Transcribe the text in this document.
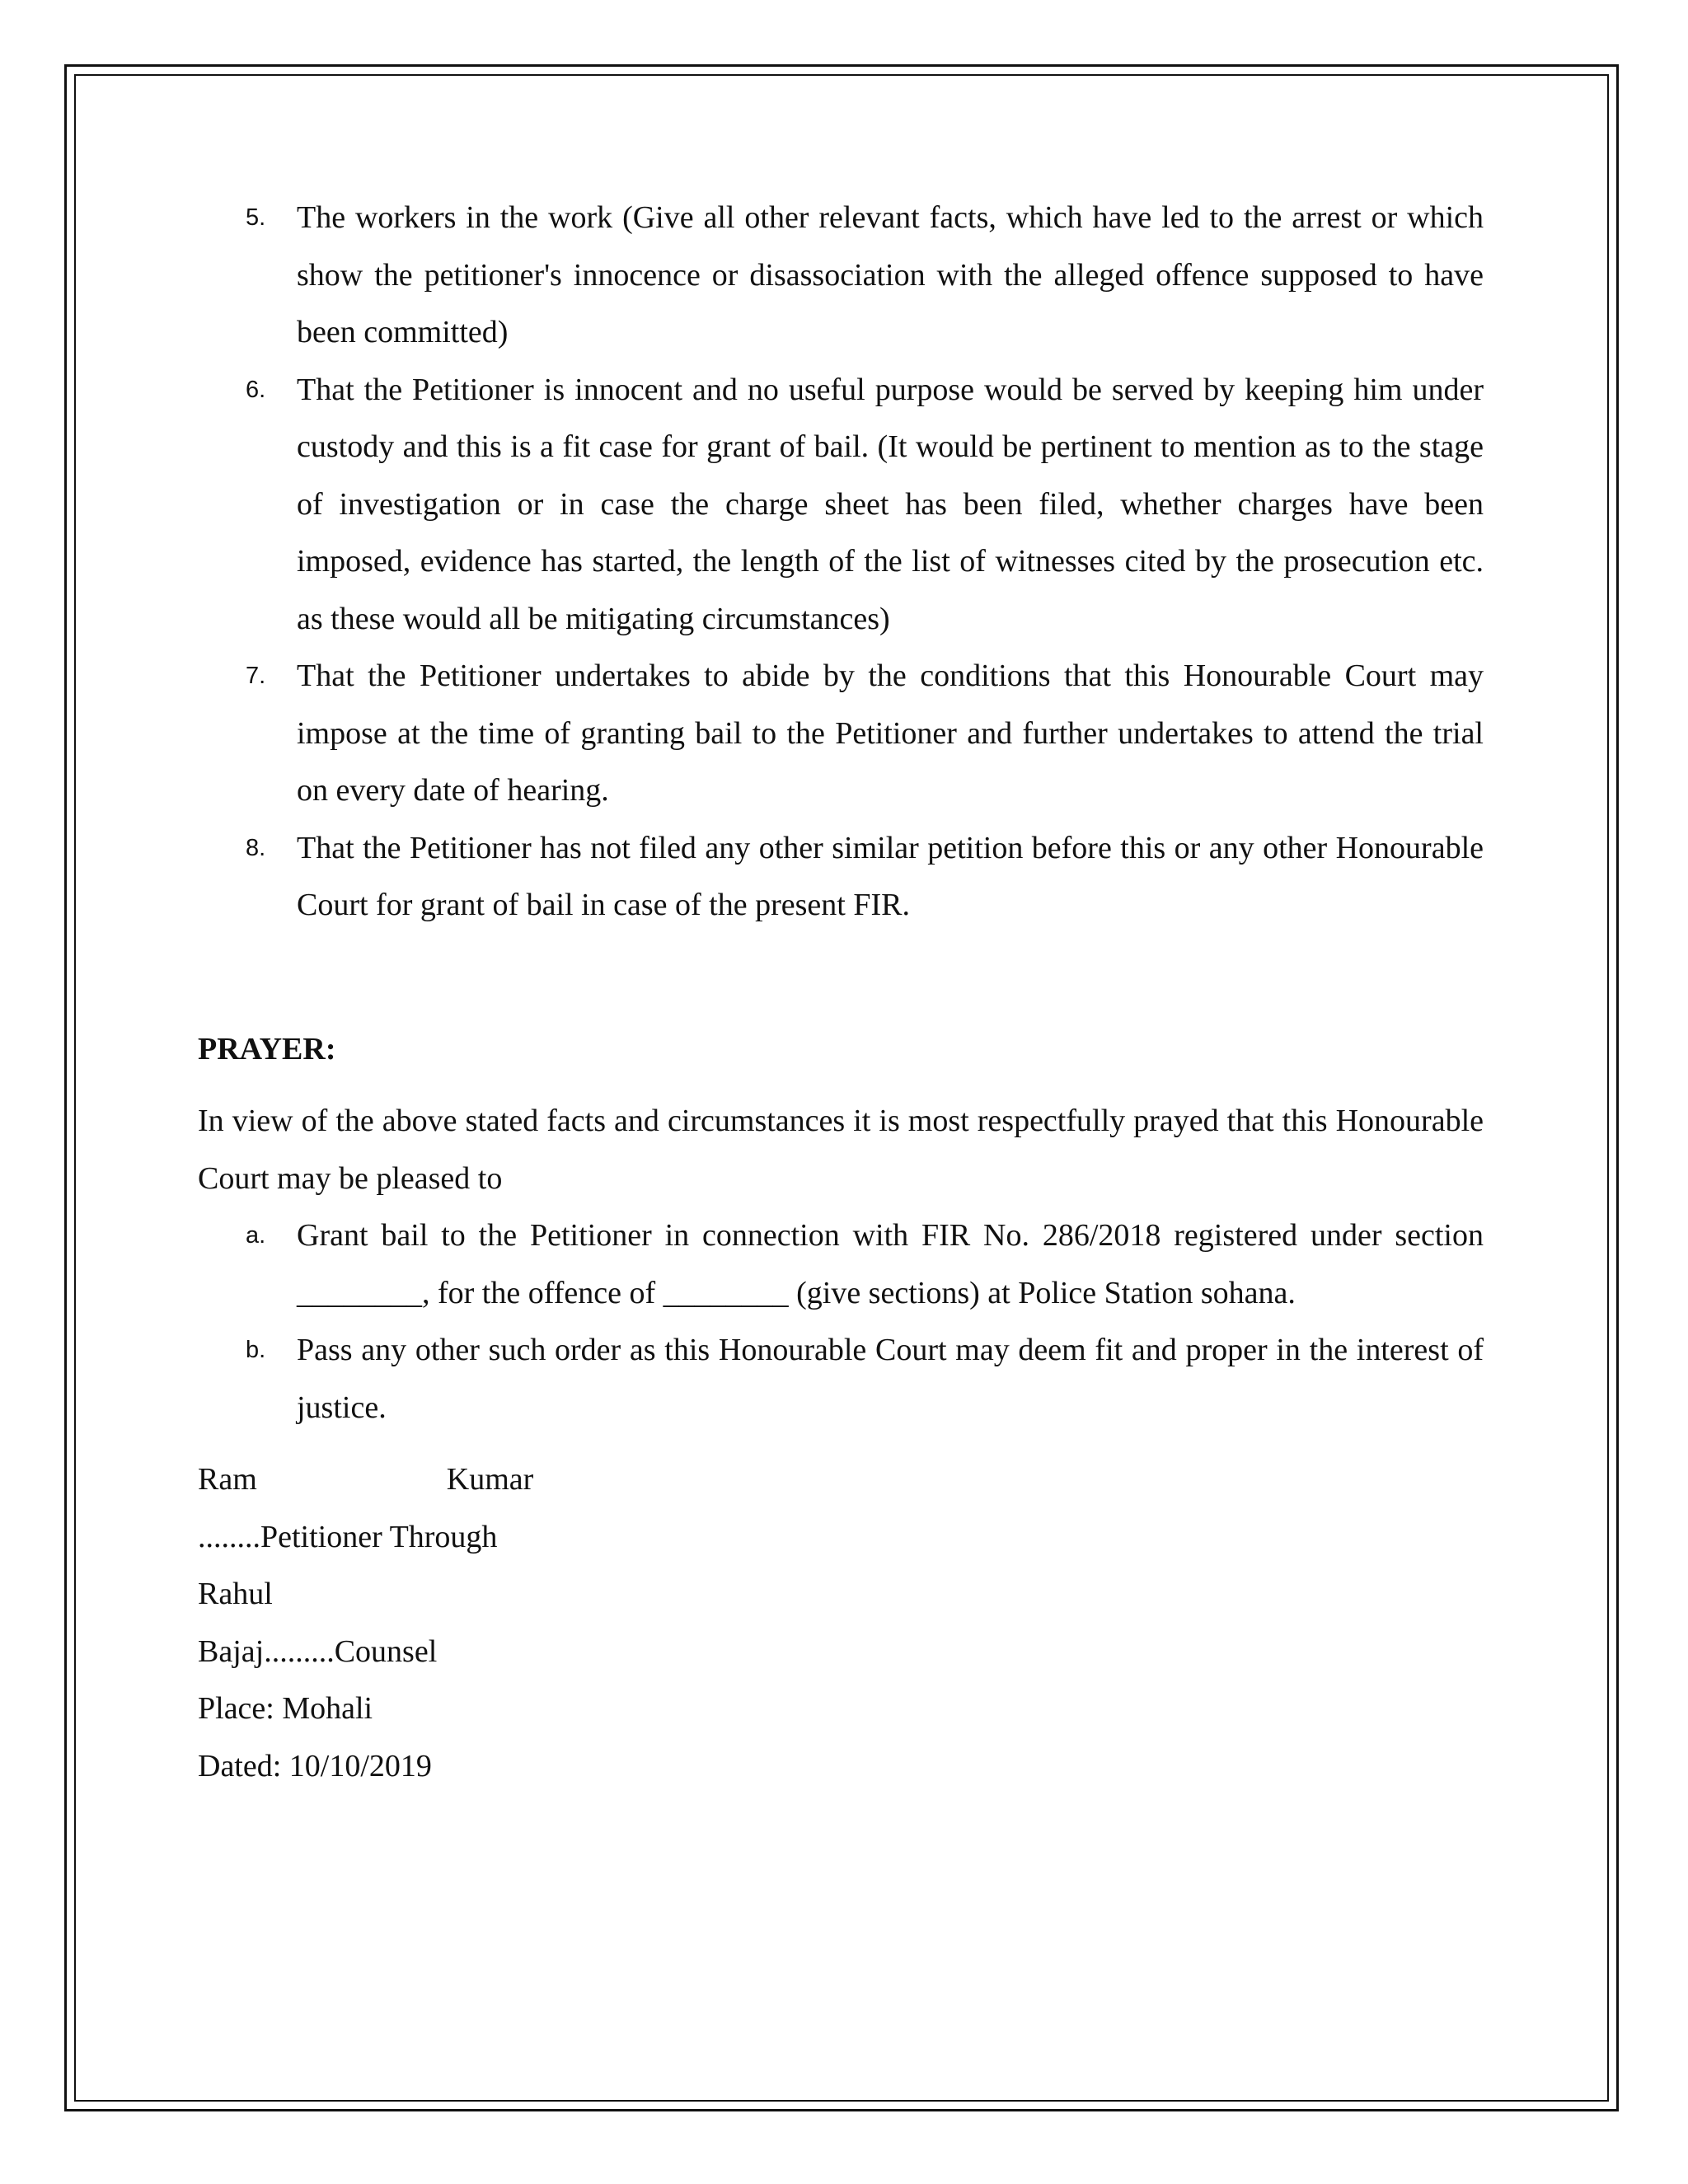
5. The workers in the work (Give all other relevant facts, which have led to the arrest or which show the petitioner's innocence or disassociation with the alleged offence supposed to have been committed)
6. That the Petitioner is innocent and no useful purpose would be served by keeping him under custody and this is a fit case for grant of bail. (It would be pertinent to mention as to the stage of investigation or in case the charge sheet has been filed, whether charges have been imposed, evidence has started, the length of the list of witnesses cited by the prosecution etc. as these would all be mitigating circumstances)
7. That the Petitioner undertakes to abide by the conditions that this Honourable Court may impose at the time of granting bail to the Petitioner and further undertakes to attend the trial on every date of hearing.
8. That the Petitioner has not filed any other similar petition before this or any other Honourable Court for grant of bail in case of the present FIR.
PRAYER:
In view of the above stated facts and circumstances it is most respectfully prayed that this Honourable Court may be pleased to
a. Grant bail to the Petitioner in connection with FIR No. 286/2018 registered under section ________, for the offence of ________ (give sections) at Police Station sohana.
b. Pass any other such order as this Honourable Court may deem fit and proper in the interest of justice.
Ram	Kumar
........Petitioner Through
Rahul
Bajaj.........Counsel
Place: Mohali
Dated: 10/10/2019
